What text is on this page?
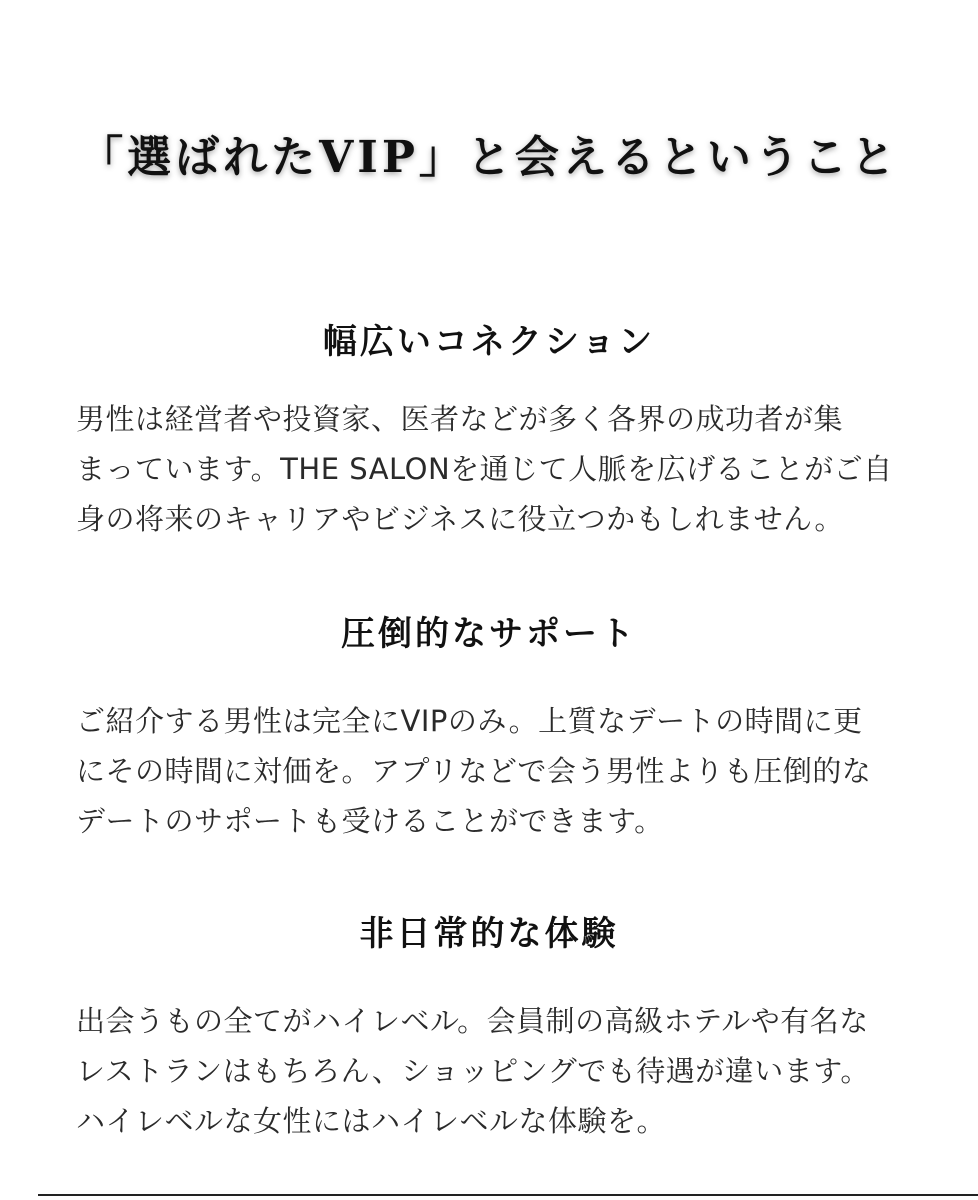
「選ばれたVIP」と会えるということ
幅広いコネクション
男性は経営者や投資家、医者などが多く各界の成功者が集
まっています。THE SALONを通じて人脈を広げることがご自
身の将来のキャリアやビジネスに役立つかもしれません。
圧倒的なサポート
ご紹介する男性は完全にVIPのみ。上質なデートの時間に更
にその時間に対価を。アプリなどで会う男性よりも圧倒的な
デートのサポートも受けることができます。
非日常的な体験
出会うもの全てがハイレベル。会員制の高級ホテルや有名な
レストランはもちろん、ショッピングでも待遇が違います。
ハイレベルな女性にはハイレベルな体験を。
